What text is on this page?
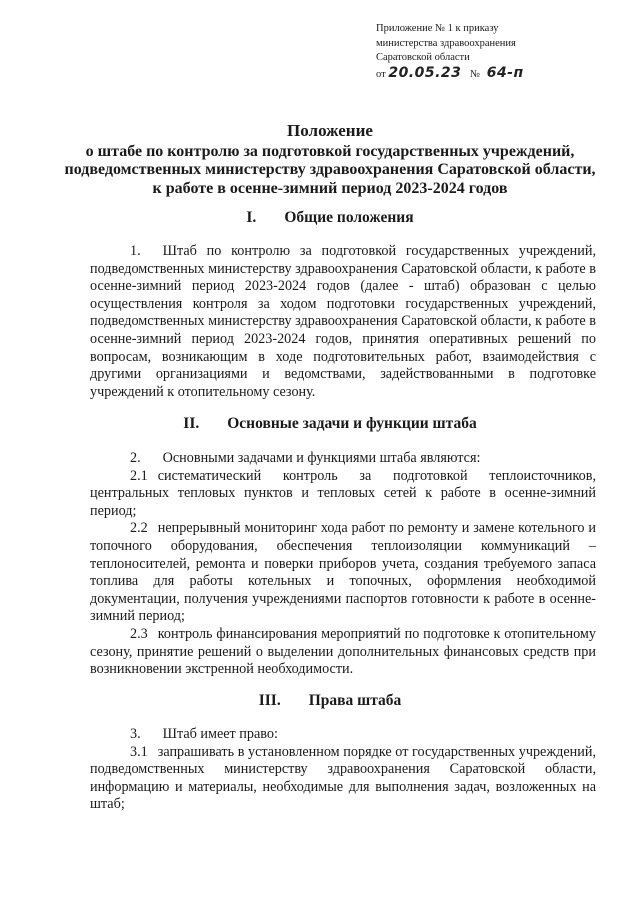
Приложение № 1 к приказу
министерства здравоохранения
Саратовской области
от 20.05.23 № 64-п
Положение
о штабе по контролю за подготовкой государственных учреждений, подведомственных министерству здравоохранения Саратовской области, к работе в осенне-зимний период 2023-2024 годов
I. Общие положения

1. Штаб по контролю за подготовкой государственных учреждений, подведомственных министерству здравоохранения Саратовской области, к работе в осенне-зимний период 2023-2024 годов (далее - штаб) образован с целью осуществления контроля за ходом подготовки государственных учреждений, подведомственных министерству здравоохранения Саратовской области, к работе в осенне-зимний период 2023-2024 годов, принятия оперативных решений по вопросам, возникающим в ходе подготовительных работ, взаимодействия с другими организациями и ведомствами, задействованными в подготовке учреждений к отопительному сезону.

II. Основные задачи и функции штаба

2. Основными задачами и функциями штаба являются:

2.1 систематический контроль за подготовкой теплоисточников, центральных тепловых пунктов и тепловых сетей к работе в осенне-зимний период;

2.2 непрерывный мониторинг хода работ по ремонту и замене котельного и топочного оборудования, обеспечения теплоизоляции коммуникаций – теплоносителей, ремонта и поверки приборов учета, создания требуемого запаса топлива для работы котельных и топочных, оформления необходимой документации, получения учреждениями паспортов готовности к работе в осенне-зимний период;

2.3 контроль финансирования мероприятий по подготовке к отопительному сезону, принятие решений о выделении дополнительных финансовых средств при возникновении экстренной необходимости.

III. Права штаба

3. Штаб имеет право:

3.1 запрашивать в установленном порядке от государственных учреждений, подведомственных министерству здравоохранения Саратовской области, информацию и материалы, необходимые для выполнения задач, возложенных на штаб;
